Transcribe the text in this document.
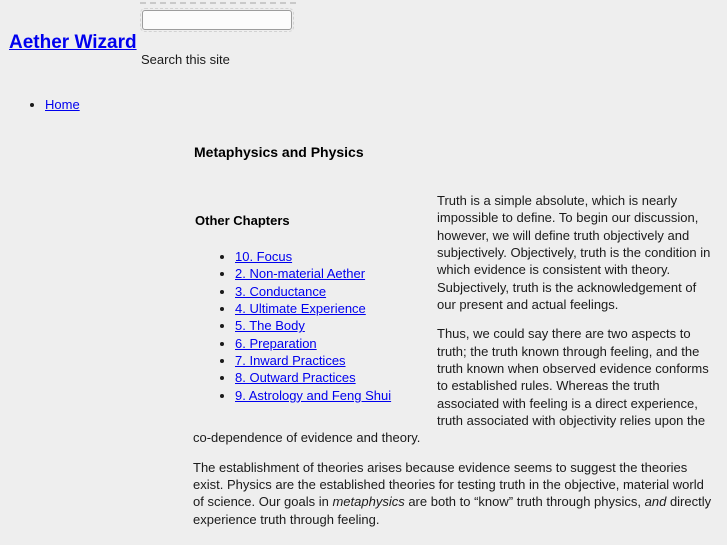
Aether Wizard
Search this site
• Home
Metaphysics and Physics
Other Chapters
• 10. Focus
• 2. Non-material Aether
• 3. Conductance
• 4. Ultimate Experience
• 5. The Body
• 6. Preparation
• 7. Inward Practices
• 8. Outward Practices
• 9. Astrology and Feng Shui

Truth is a simple absolute, which is nearly impossible to define. To begin our discussion, however, we will define truth objectively and subjectively. Objectively, truth is the condition in which evidence is consistent with theory. Subjectively, truth is the acknowledgement of our present and actual feelings.

Thus, we could say there are two aspects to truth; the truth known through feeling, and the truth known when observed evidence conforms to established rules. Whereas the truth associated with feeling is a direct experience, truth associated with objectivity relies upon the co-dependence of evidence and theory.

The establishment of theories arises because evidence seems to suggest the theories exist. Physics are the established theories for testing truth in the objective, material world of science. Our goals in metaphysics are both to “know” truth through physics, and directly experience truth through feeling.
